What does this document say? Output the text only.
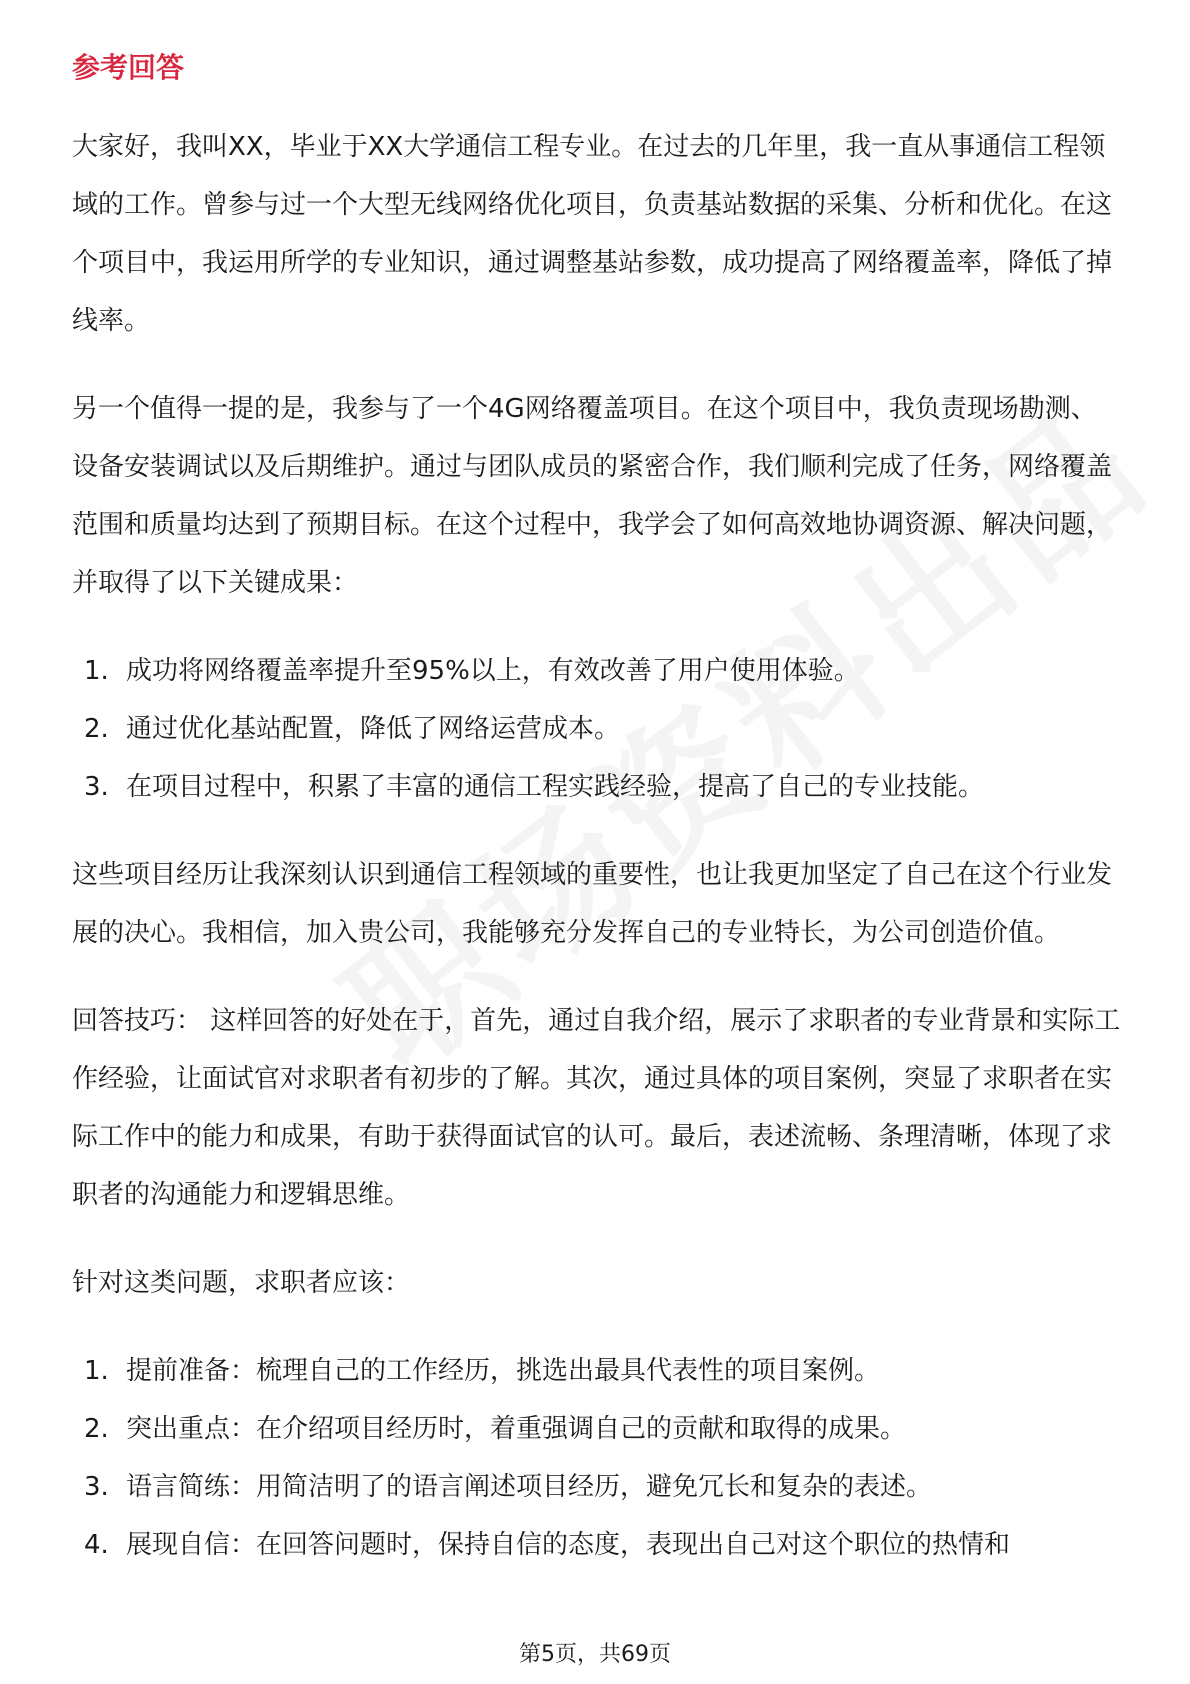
参考回答

大家好，我叫XX，毕业于XX大学通信工程专业。在过去的几年里，我一直从事通信工程领域的工作。曾参与过一个大型无线网络优化项目，负责基站数据的采集、分析和优化。在这个项目中，我运用所学的专业知识，通过调整基站参数，成功提高了网络覆盖率，降低了掉线率。

另一个值得一提的是，我参与了一个4G网络覆盖项目。在这个项目中，我负责现场勘测、设备安装调试以及后期维护。通过与团队成员的紧密合作，我们顺利完成了任务，网络覆盖范围和质量均达到了预期目标。在这个过程中，我学会了如何高效地协调资源、解决问题，并取得了以下关键成果：

1. 成功将网络覆盖率提升至95%以上，有效改善了用户使用体验。
2. 通过优化基站配置，降低了网络运营成本。
3. 在项目过程中，积累了丰富的通信工程实践经验，提高了自己的专业技能。

这些项目经历让我深刻认识到通信工程领域的重要性，也让我更加坚定了自己在这个行业发展的决心。我相信，加入贵公司，我能够充分发挥自己的专业特长，为公司创造价值。

回答技巧： 这样回答的好处在于，首先，通过自我介绍，展示了求职者的专业背景和实际工作经验，让面试官对求职者有初步的了解。其次，通过具体的项目案例，突显了求职者在实际工作中的能力和成果，有助于获得面试官的认可。最后，表述流畅、条理清晰，体现了求职者的沟通能力和逻辑思维。

针对这类问题，求职者应该：

1. 提前准备：梳理自己的工作经历，挑选出最具代表性的项目案例。
2. 突出重点：在介绍项目经历时，着重强调自己的贡献和取得的成果。
3. 语言简练：用简洁明了的语言阐述项目经历，避免冗长和复杂的表述。
4. 展现自信：在回答问题时，保持自信的态度，表现出自己对这个职位的热情和
第5页，共69页
